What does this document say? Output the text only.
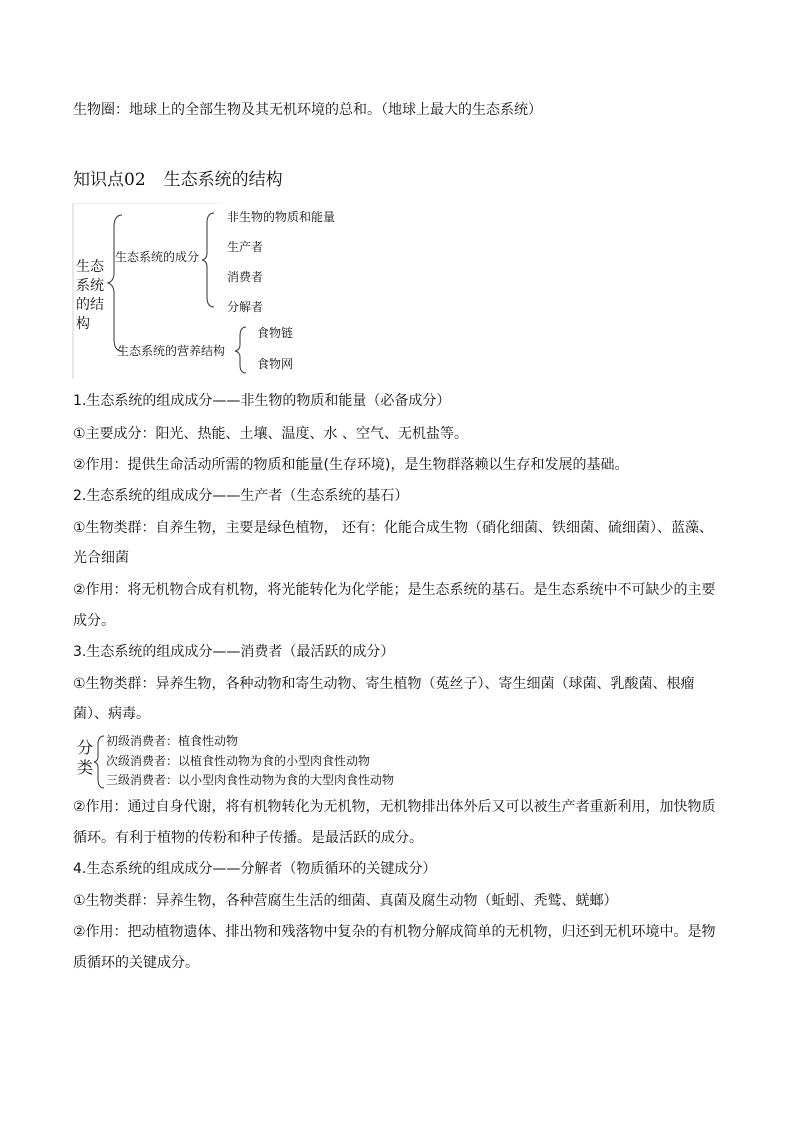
生物圈：地球上的全部生物及其无机环境的总和。（地球上最大的生态系统）
知识点02 生态系统的结构
生态系统的结构
生态系统的成分
非生物的物质和能量
生产者
消费者
分解者
生态系统的营养结构
食物链
食物网
1.生态系统的组成成分——非生物的物质和能量（必备成分）
①主要成分：阳光、热能、土壤、温度、水 、空气、无机盐等。
②作用：提供生命活动所需的物质和能量(生存环境)，是生物群落赖以生存和发展的基础。
2.生态系统的组成成分——生产者（生态系统的基石）
①生物类群：自养生物，主要是绿色植物， 还有：化能合成生物（硝化细菌、铁细菌、硫细菌）、蓝藻、
光合细菌
②作用：将无机物合成有机物，将光能转化为化学能；是生态系统的基石。是生态系统中不可缺少的主要
成分。
3.生态系统的组成成分——消费者（最活跃的成分）
①生物类群：异养生物，各种动物和寄生动物、寄生植物（菟丝子）、寄生细菌（球菌、乳酸菌、根瘤
菌）、病毒。
分类
初级消费者：植食性动物
次级消费者：以植食性动物为食的小型肉食性动物
三级消费者：以小型肉食性动物为食的大型肉食性动物
②作用：通过自身代谢，将有机物转化为无机物，无机物排出体外后又可以被生产者重新利用，加快物质
循环。有利于植物的传粉和种子传播。是最活跃的成分。
4.生态系统的组成成分——分解者（物质循环的关键成分）
①生物类群：异养生物，各种营腐生生活的细菌、真菌及腐生动物（蚯蚓、秃鹫、蜣螂）
②作用：把动植物遗体、排出物和残落物中复杂的有机物分解成简单的无机物，归还到无机环境中。是物
质循环的关键成分。
